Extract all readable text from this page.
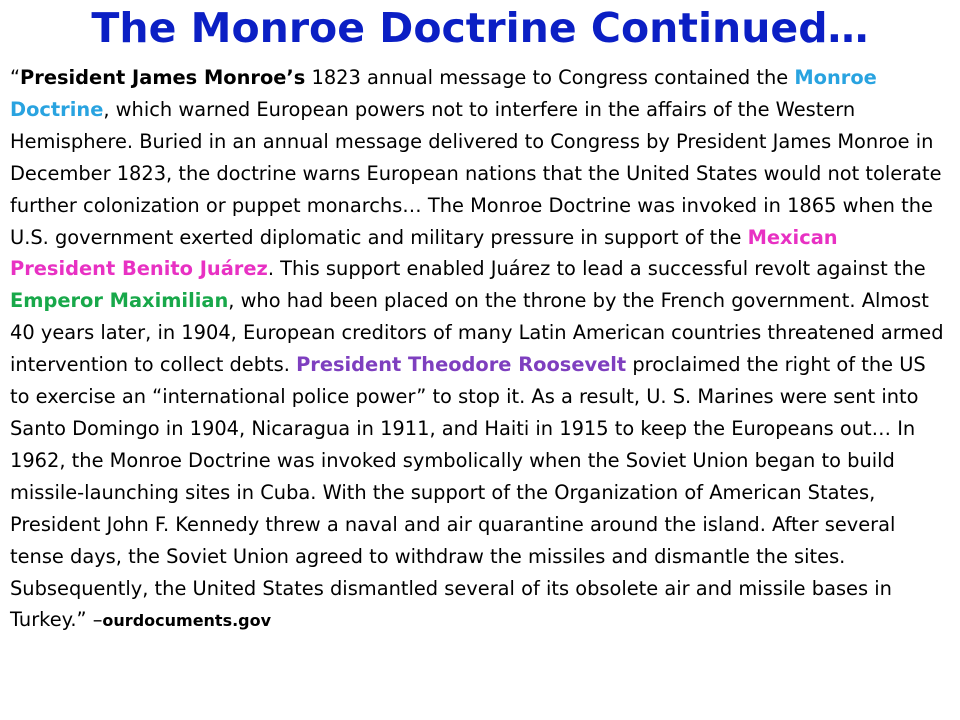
The Monroe Doctrine Continued…
“President James Monroe’s 1823 annual message to Congress contained the Monroe Doctrine, which warned European powers not to interfere in the affairs of the Western Hemisphere. Buried in an annual message delivered to Congress by President James Monroe in December 1823, the doctrine warns European nations that the United States would not tolerate further colonization or puppet monarchs… The Monroe Doctrine was invoked in 1865 when the U.S. government exerted diplomatic and military pressure in support of the Mexican President Benito Juárez. This support enabled Juárez to lead a successful revolt against the Emperor Maximilian, who had been placed on the throne by the French government. Almost 40 years later, in 1904, European creditors of many Latin American countries threatened armed intervention to collect debts. President Theodore Roosevelt proclaimed the right of the US to exercise an “international police power” to stop it. As a result, U. S. Marines were sent into Santo Domingo in 1904, Nicaragua in 1911, and Haiti in 1915 to keep the Europeans out… In 1962, the Monroe Doctrine was invoked symbolically when the Soviet Union began to build missile-launching sites in Cuba. With the support of the Organization of American States, President John F. Kennedy threw a naval and air quarantine around the island. After several tense days, the Soviet Union agreed to withdraw the missiles and dismantle the sites. Subsequently, the United States dismantled several of its obsolete air and missile bases in Turkey.” –ourdocuments.gov
